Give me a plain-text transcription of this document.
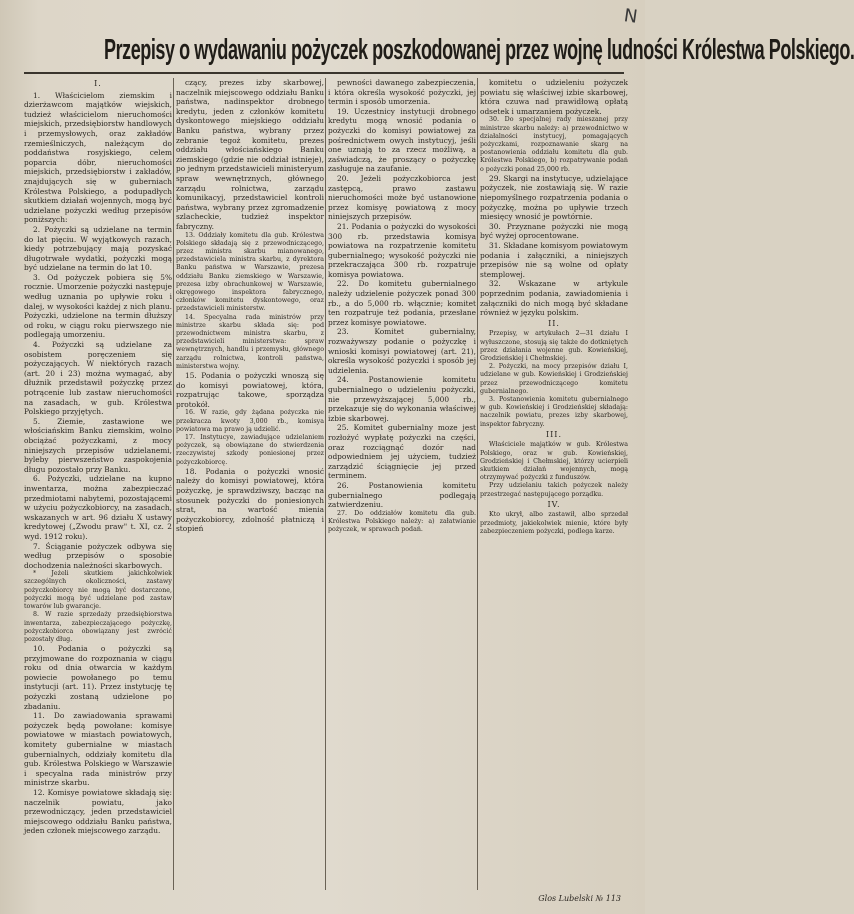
N
Przepisy o wydawaniu pożyczek poszkodowanej przez wojnę ludności Królestwa Polskiego.

I.

1. Właścicielom ziemskim i dzierżawcom majątków wiejskich, tudzież właścicielom nieruchomości miejskich, przedsiębiorstw handlowych i przemysłowych, oraz zakładów rzemieślniczych, należącym do poddaństwa rosyjskiego, celem poparcia dóbr, nieruchomości miejskich, przedsiębiorstw i zakładów, znajdujących się w guberniach Królestwa Polskiego, a podupadłych skutkiem działań wojennych, mogą być udzielane pożyczki według przepisów poniższych:

2. Pożyczki są udzielane na termin do lat pięciu. W wyjątkowych razach, kiedy potrzebujący mają pozyskać długotrwałe wydatki, pożyczki mogą być udzielane na termin do lat 10.

3. Od pożyczek pobiera się 5% rocznie. Umorzenie pożyczki następuje według uznania po upływie roku i dalej, w wysokości każdej z nich planu. Pożyczki, udzielone na termin dłuższy od roku, w ciągu roku pierwszego nie podlegają umorzeniu.

4. Pożyczki są udzielane za osobistem poręczeniem się pożyczających. W niektórych razach (art. 20 i 23) można wymagać, aby dłużnik przedstawił pożyczkę przez potrącenie lub zastaw nieruchomości na zasadach, w gub. Królestwa Polskiego przyjętych.

5. Ziemie, zastawione we włościańskim Banku ziemskim, wolno obciążać pożyczkami, z mocy niniejszych przepisów udzielanemi, byleby pierwszeństwo zaspokojenia długu pozostało przy Banku.

6. Pożyczki, udzielane na kupno inwentarza, można zabezpieczać przedmiotami nabytemi, pozostającemi w użyciu pożyczkobiorcy, na zasadach, wskazanych w art. 96 działu X ustawy kredytowej („Zwodu praw" t. XI, cz. 2 wyd. 1912 roku).

7. Ściąganie pożyczek odbywa się według przepisów o sposobie dochodzenia należności skarbowych.

* Jeżeli skutkiem jakichkolwiek szczególnych okoliczności, zastawy pożyczkobiorcy nie mogą być dostarczone, pożyczki mogą być udzielane pod zastaw towarów lub gwarancje.

8. W razie sprzedaży przedsiębiorstwa inwentarza, zabezpieczającego pożyczkę, pożyczkobiorca obowiązany jest zwrócić pozostały dług.

10. Podania o pożyczki są przyjmowane do rozpoznania w ciągu roku od dnia otwarcia w każdym powiecie powołanego po temu instytucji (art. 11). Przez instytucję tę pożyczki zostaną udzielone po zbadaniu.

11. Do zawiadowania sprawami pożyczek będą powołane: komisye powiatowe w miastach powiatowych, komitety gubernialne w miastach gubernialnych, oddziały komitetu dla gub. Królestwa Polskiego w Warszawie i specyalna rada ministrów przy ministrze skarbu.

12. Komisye powiatowe składają się: naczelnik powiatu, jako przewodniczący, jeden przedstawiciel miejscowego oddziału Banku państwa, jeden członek miejscowego zarządu.

czący, prezes izby skarbowej, naczelnik miejscowego oddziału Banku państwa, nadinspektor drobnego kredytu, jeden z członków komitetu dyskontowego miejskiego oddziału Banku państwa, wybrany przez zebranie tegoż komitetu, prezes oddziału włościańskiego Banku ziemskiego (gdzie nie oddział istnieje), po jednym przedstawicieli ministeryum spraw wewnętrznych, głównego zarządu rolnictwa, zarządu komunikacyj, przedstawiciel kontroli państwa, wybrany przez zgromadzenie szlacheckie, tudzież inspektor fabryczny.

13. Oddziały komitetu dla gub. Królestwa Polskiego składają się z przewodniczącego, przez ministra skarbu mianowanego, przedstawiciela ministra skarbu, z dyrektora Banku państwa w Warszawie, prezesa oddziału Banku ziemskiego w Warszawie, prezesa izby obrachunkowej w Warszawie, okręgowego inspektora fabrycznego, członków komitetu dyskontowego, oraz przedstawicieli ministerstw.

14. Specyalna rada ministrów przy ministrze skarbu składa się: pod przewodnictwem ministra skarbu, z przedstawicieli ministerstwa: spraw wewnętrznych, handlu i przemysłu, głównego zarządu rolnictwa, kontroli państwa, ministerstwa wojny.

15. Podania o pożyczki wnoszą się do komisyi powiatowej, która, rozpatrując takowe, sporządza protokół.

16. W razie, gdy żądana pożyczka nie przekracza kwoty 3,000 rb., komisya powiatowa ma prawo ją udzielić.

17. Instytucye, zawiadujące udzielaniem pożyczek, są obowiązane do stwierdzenia rzeczywistej szkody poniesionej przez pożyczkobiorcę.

18. Podania o pożyczki wnosić należy do komisyi powiatowej, która pożyczkę, je sprawdziwszy, bacząc na stosunek pożyczki do poniesionych strat, na wartość mienia pożyczkobiorcy, zdolność płatniczą i stopień

pewności dawanego zabezpieczenia, i która określa wysokość pożyczki, jej termin i sposób umorzenia.

19. Uczestnicy instytucji drobnego kredytu mogą wnosić podania o pożyczki do komisyi powiatowej za pośrednictwem owych instytucyj, jeśli one uznają to za rzecz możliwą, a zaświadczą, że proszący o pożyczkę zasługuje na zaufanie.

20. Jeżeli pożyczkobiorca jest zastępcą, prawo zastawu nieruchomości może być ustanowione przez komisyę powiatową z mocy niniejszych przepisów.

21. Podania o pożyczki do wysokości 300 rb. przedstawia komisya powiatowa na rozpatrzenie komitetu gubernialnego; wysokość pożyczki nie przekraczająca 300 rb. rozpatruje komisya powiatowa.

22. Do komitetu gubernialnego należy udzielenie pożyczek ponad 300 rb., a do 5,000 rb. włącznie; komitet ten rozpatruje też podania, przesłane przez komisye powiatowe.

23. Komitet gubernialny, rozważywszy podanie o pożyczkę i wnioski komisyi powiatowej (art. 21), określa wysokość pożyczki i sposób jej udzielenia.

24. Postanowienie komitetu gubernialnego o udzieleniu pożyczki, nie przewyższającej 5,000 rb., przekazuje się do wykonania właściwej izbie skarbowej.

25. Komitet gubernialny moze jest rozłożyć wypłatę pożyczki na części, oraz rozciągnąć dozór nad odpowiedniem jej użyciem, tudzież zarządzić ściągnięcie jej przed terminem.

26. Postanowienia komitetu gubernialnego podlegają zatwierdzeniu.

27. Do oddziałów komitetu dla gub. Królestwa Polskiego należy: a) załatwianie pożyczek, w sprawach podań.

komitetu o udzieleniu pożyczek powiatu się właściwej izbie skarbowej, która czuwa nad prawidłową opłatą odsetek i umarzaniem pożyczek.

30. Do specjalnej rady mieszanej przy ministrze skarbu należy: a) przewodnictwo w działalności instytucyj, pomagających pożyczkami, rozpoznawanie skarg na postanowienia oddziału komitetu dla gub. Królestwa Polskiego, b) rozpatrywanie podań o pożyczki ponad 25,000 rb.

29. Skargi na instytucye, udzielające pożyczek, nie zostawiają się. W razie niepomyślnego rozpatrzenia podania o pożyczkę, można po upływie trzech miesięcy wnosić je powtórnie.

30. Przyznane pożyczki nie mogą być wyżej oprocentowane.

31. Składane komisyom powiatowym podania i załączniki, a niniejszych przepisów nie są wolne od opłaty stemplowej.

32. Wskazane w artykule poprzednim podania, zawiadomienia i załączniki do nich mogą być składane również w języku polskim.

II.

Przepisy, w artykułach 2—31 działu I wyłuszczone, stosują się także do dotkniętych przez działania wojenne gub. Kowieńskiej, Grodzieńskiej i Chełmskiej.

2. Pożyczki, na mocy przepisów działu I, udzielane w gub. Kowieńskiej i Grodzieńskiej przez przewodniczącego komitetu gubernialnego.

3. Postanowienia komitetu gubernialnego w gub. Kowieńskiej i Grodzieńskiej składają: naczelnik powiatu, prezes izby skarbowej, inspektor fabryczny.

III.

Właściciele majątków w gub. Królestwa Polskiego, oraz w gub. Kowieńskiej, Grodzieńskiej i Chełmskiej, którzy ucierpieli skutkiem działań wojennych, mogą otrzymywać pożyczki z funduszów.

Przy udzielaniu takich pożyczek należy przestrzegać następującego porządku.

IV.

Kto ukrył, albo zastawił, albo sprzedał przedmioty, jakiekolwiek mienie, które były zabezpieczeniem pożyczki, podlega karze.

Glos Lubelski № 113
